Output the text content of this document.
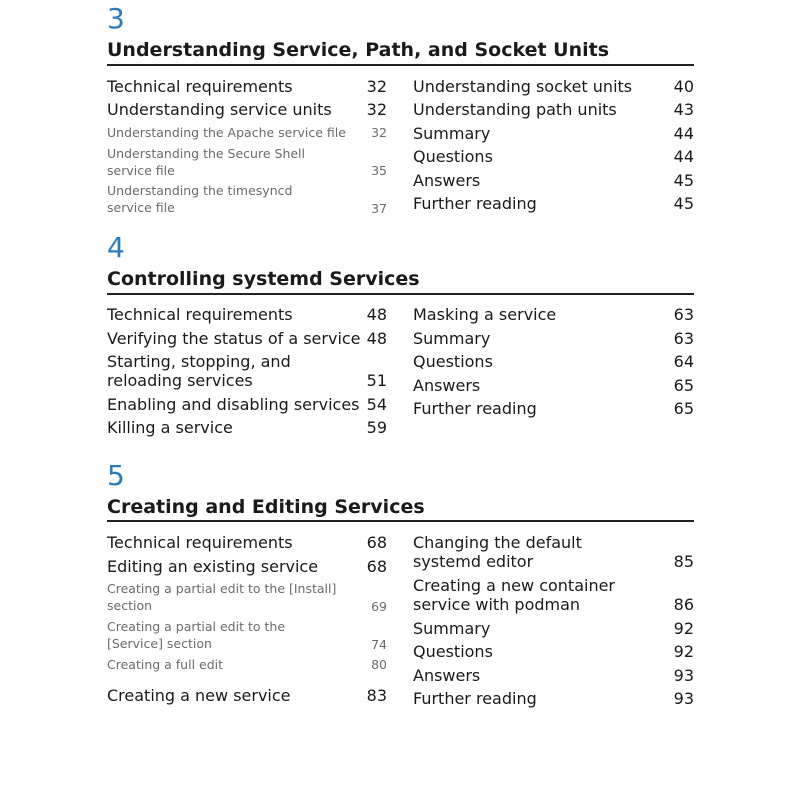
3
Understanding Service, Path, and Socket Units
Technical requirements	32
Understanding service units	32
Understanding the Apache service file	32
Understanding the Secure Shell service file	35
Understanding the timesyncd service file	37
Understanding socket units	40
Understanding path units	43
Summary	44
Questions	44
Answers	45
Further reading	45
4
Controlling systemd Services
Technical requirements	48
Verifying the status of a service 48
Starting, stopping, and reloading services	51
Enabling and disabling services 54
Killing a service	59
Masking a service	63
Summary	63
Questions	64
Answers	65
Further reading	65
5
Creating and Editing Services
Technical requirements	68
Editing an existing service	68
Creating a partial edit to the [Install] section	69
Creating a partial edit to the [Service] section	74
Creating a full edit	80
Creating a new service	83
Changing the default systemd editor	85
Creating a new container service with podman	86
Summary	92
Questions	92
Answers	93
Further reading	93
